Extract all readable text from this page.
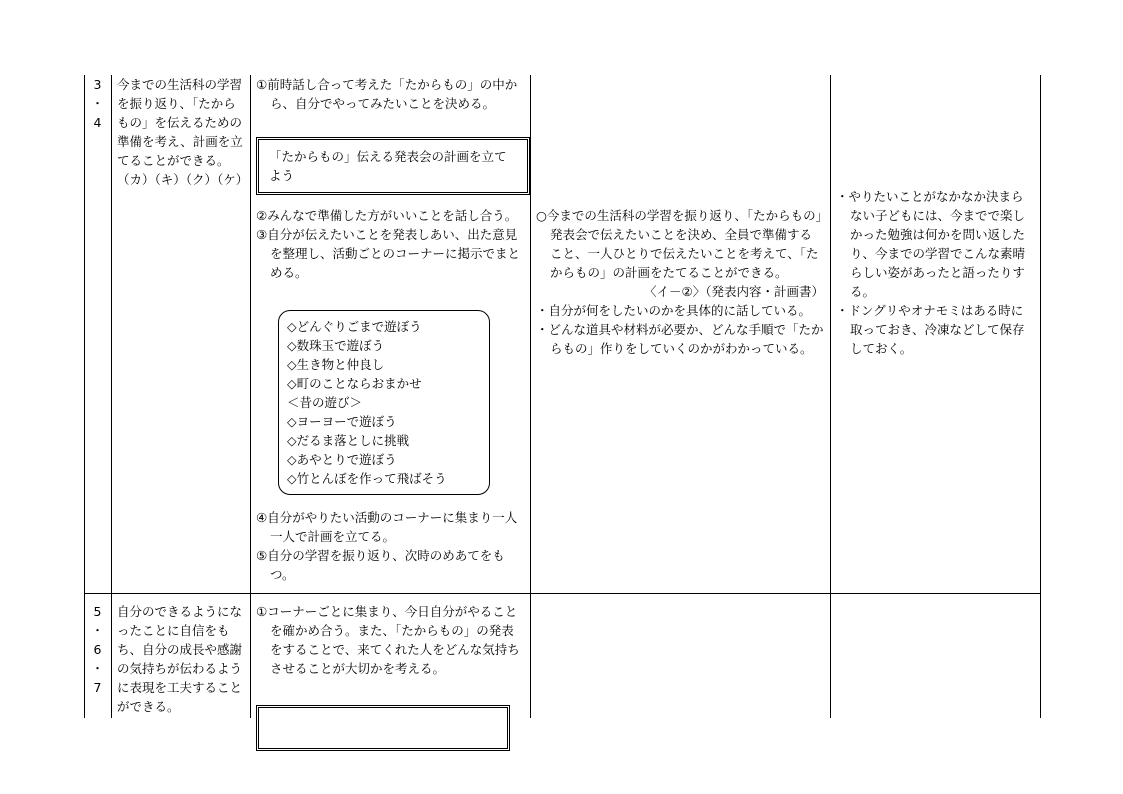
3
・
4
今までの生活科の学習を振り返り、「たからもの」を伝えるための準備を考え、計画を立てることができる。
（カ）（キ）（ク）（ケ）

①前時話し合って考えた「たからもの」の中から、自分でやってみたいことを決める。

「たからもの」伝える発表会の計画を立てよう

②みんなで準備した方がいいことを話し合う。

③自分が伝えたいことを発表しあい、出た意見を整理し、活動ごとのコーナーに掲示でまとめる。

◇どんぐりごまで遊ぼう
◇数珠玉で遊ぼう
◇生き物と仲良し
◇町のことならおまかせ
＜昔の遊び＞
◇ヨーヨーで遊ぼう
◇だるま落としに挑戦
◇あやとりで遊ぼう
◇竹とんぼを作って飛ばそう

④自分がやりたい活動のコーナーに集まり一人一人で計画を立てる。

⑤自分の学習を振り返り、次時のめあてをもつ。

○今までの生活科の学習を振り返り、「たからもの」発表会で伝えたいことを決め、全員で準備すること、一人ひとりで伝えたいことを考えて、「たからもの」の計画をたてることができる。

〈イ－②〉（発表内容・計画書）

・自分が何をしたいのかを具体的に話している。

・どんな道具や材料が必要か、どんな手順で「たからもの」作りをしていくのかがわかっている。

・やりたいことがなかなか決まらない子どもには、今までで楽しかった勉強は何かを問い返したり、今までの学習でこんな素晴らしい姿があったと語ったりする。

・ドングリやオナモミはある時に取っておき、冷凍などして保存しておく。

5
・
6
・
7
自分のできるようになったことに自信をもち、自分の成長や感謝の気持ちが伝わるように表現を工夫することができる。

①コーナーごとに集まり、今日自分がやることを確かめ合う。また、「たからもの」の発表をすることで、来てくれた人をどんな気持ちさせることが大切かを考える。
